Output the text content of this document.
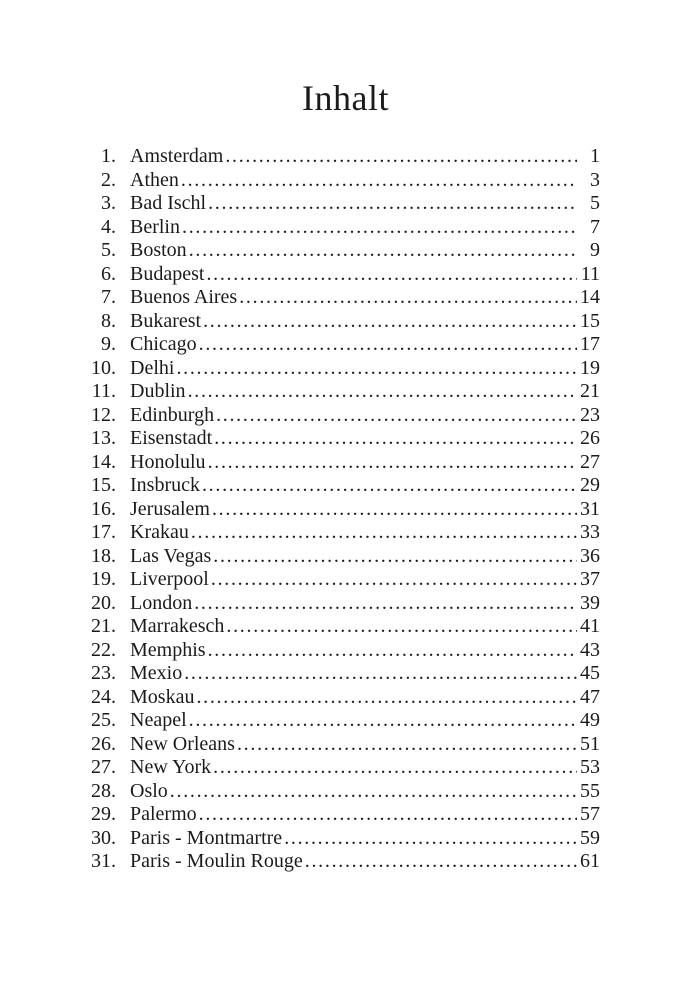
Inhalt
1. Amsterdam .....	1
2. Athen .....	3
3. Bad Ischl .....	5
4. Berlin .....	7
5. Boston .....	9
6. Budapest .....	11
7. Buenos Aires .....	14
8. Bukarest .....	15
9. Chicago .....	17
10. Delhi .....	19
11. Dublin .....	21
12. Edinburgh .....	23
13. Eisenstadt .....	26
14. Honolulu .....	27
15. Insbruck .....	29
16. Jerusalem .....	31
17. Krakau .....	33
18. Las Vegas .....	36
19. Liverpool .....	37
20. London .....	39
21. Marrakesch .....	41
22. Memphis .....	43
23. Mexio .....	45
24. Moskau .....	47
25. Neapel .....	49
26. New Orleans .....	51
27. New York .....	53
28. Oslo .....	55
29. Palermo .....	57
30. Paris - Montmartre .....	59
31. Paris - Moulin Rouge .....	61
